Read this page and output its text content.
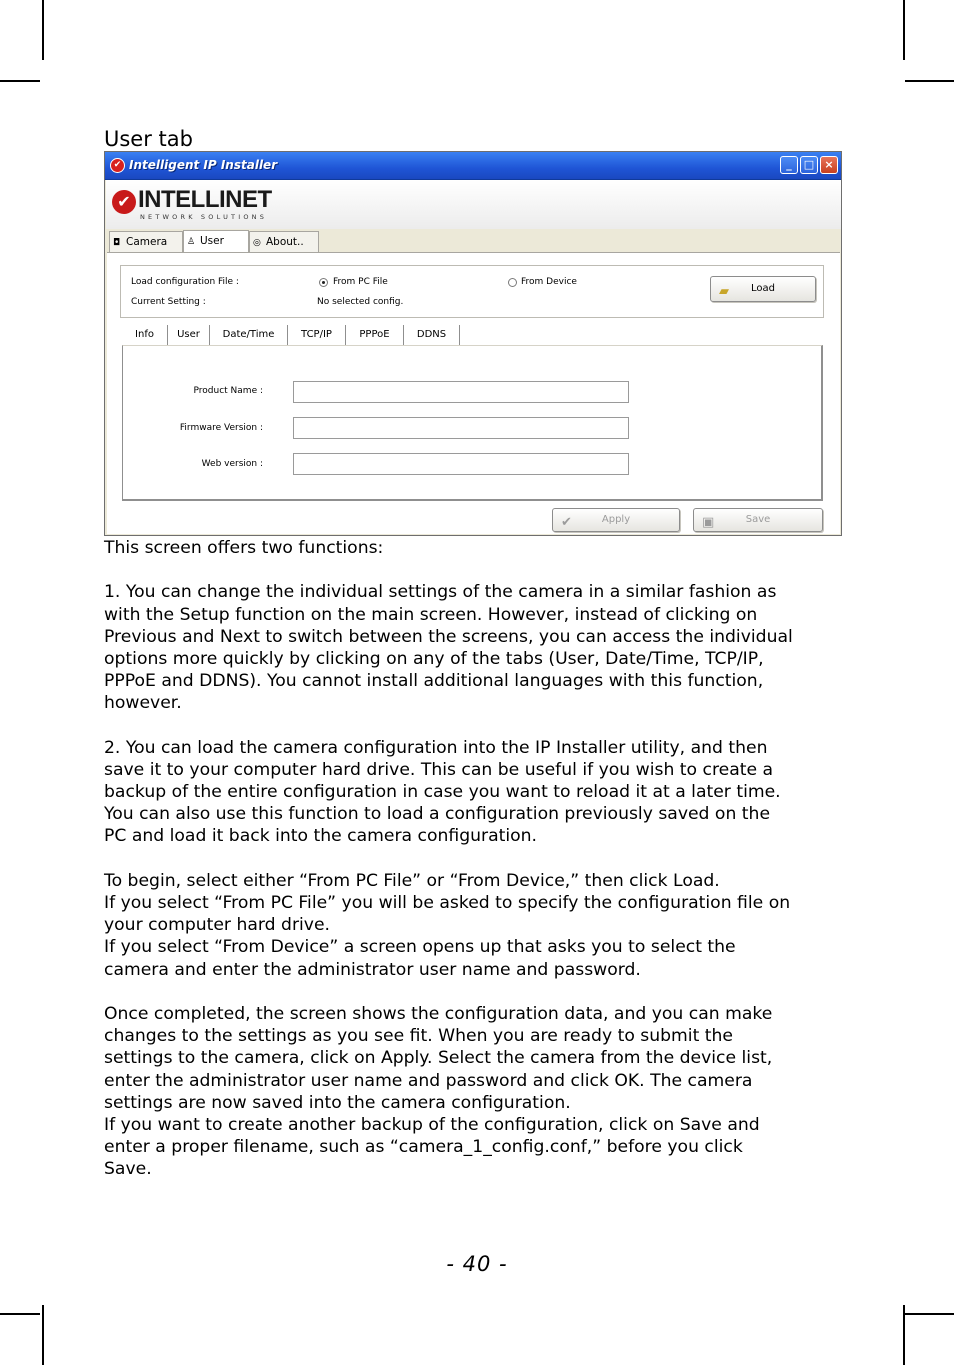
User tab
✔ Intelligent IP Installer	_	□ ×
✔ INTELLINET
NETWORK SOLUTIONS
◘ Camera	♙ User	◎ About..
Load configuration File :
Current Setting :
From PC File
No selected config.
From Device
▰ Load
Info	User	Date/Time	TCP/IP	PPPoE	DDNS
Product Name :
Firmware Version :
Web version :
✔	Apply	▣	Save
This screen offers two functions:
1. You can change the individual settings of the camera in a similar fashion as
with the Setup function on the main screen. However, instead of clicking on
Previous and Next to switch between the screens, you can access the individual
options more quickly by clicking on any of the tabs (User, Date/Time, TCP/IP,
PPPoE and DDNS). You cannot install additional languages with this function,
however.
2. You can load the camera configuration into the IP Installer utility, and then
save it to your computer hard drive. This can be useful if you wish to create a
backup of the entire configuration in case you want to reload it at a later time.
You can also use this function to load a configuration previously saved on the
PC and load it back into the camera configuration.
To begin, select either “From PC File” or “From Device,” then click Load.
If you select “From PC File” you will be asked to specify the configuration file on
your computer hard drive.
If you select “From Device” a screen opens up that asks you to select the
camera and enter the administrator user name and password.
Once completed, the screen shows the configuration data, and you can make
changes to the settings as you see fit. When you are ready to submit the
settings to the camera, click on Apply. Select the camera from the device list,
enter the administrator user name and password and click OK. The camera
settings are now saved into the camera configuration.
If you want to create another backup of the configuration, click on Save and
enter a proper filename, such as “camera_1_config.conf,” before you click
Save.
- 40 -
